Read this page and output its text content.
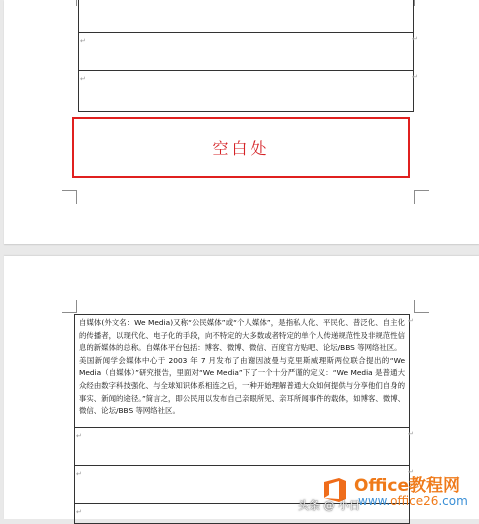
↵	↵
↵	↵
空白处

自媒体(外文名：We Media)又称“公民媒体”或“个人媒体”，是指私人化、平民化、普泛化、自主化的传播者，以现代化、电子化的手段，向不特定的大多数或者特定的单个人传递规范性及非规范性信息的新媒体的总称。自媒体平台包括：博客、微博、微信、百度官方贴吧、论坛/BBS 等网络社区。

美国新闻学会媒体中心于 2003 年 7 月发布了由谢因波曼与克里斯威理斯两位联合提出的“We Media（自媒体）”研究报告，里面对“We Media”下了一个十分严谨的定义：“We Media 是普通大众经由数字科技强化、与全球知识体系相连之后，一种开始理解普通大众如何提供与分享他们自身的事实、新闻的途径。”简言之，即公民用以发布自己亲眼所见、亲耳所闻事件的载体，如博客、微博、微信、论坛/BBS 等网络社区。

↵
↵	↵
↵	↵
↵
Office教程网
www.office26.com
头条 @ 小日
